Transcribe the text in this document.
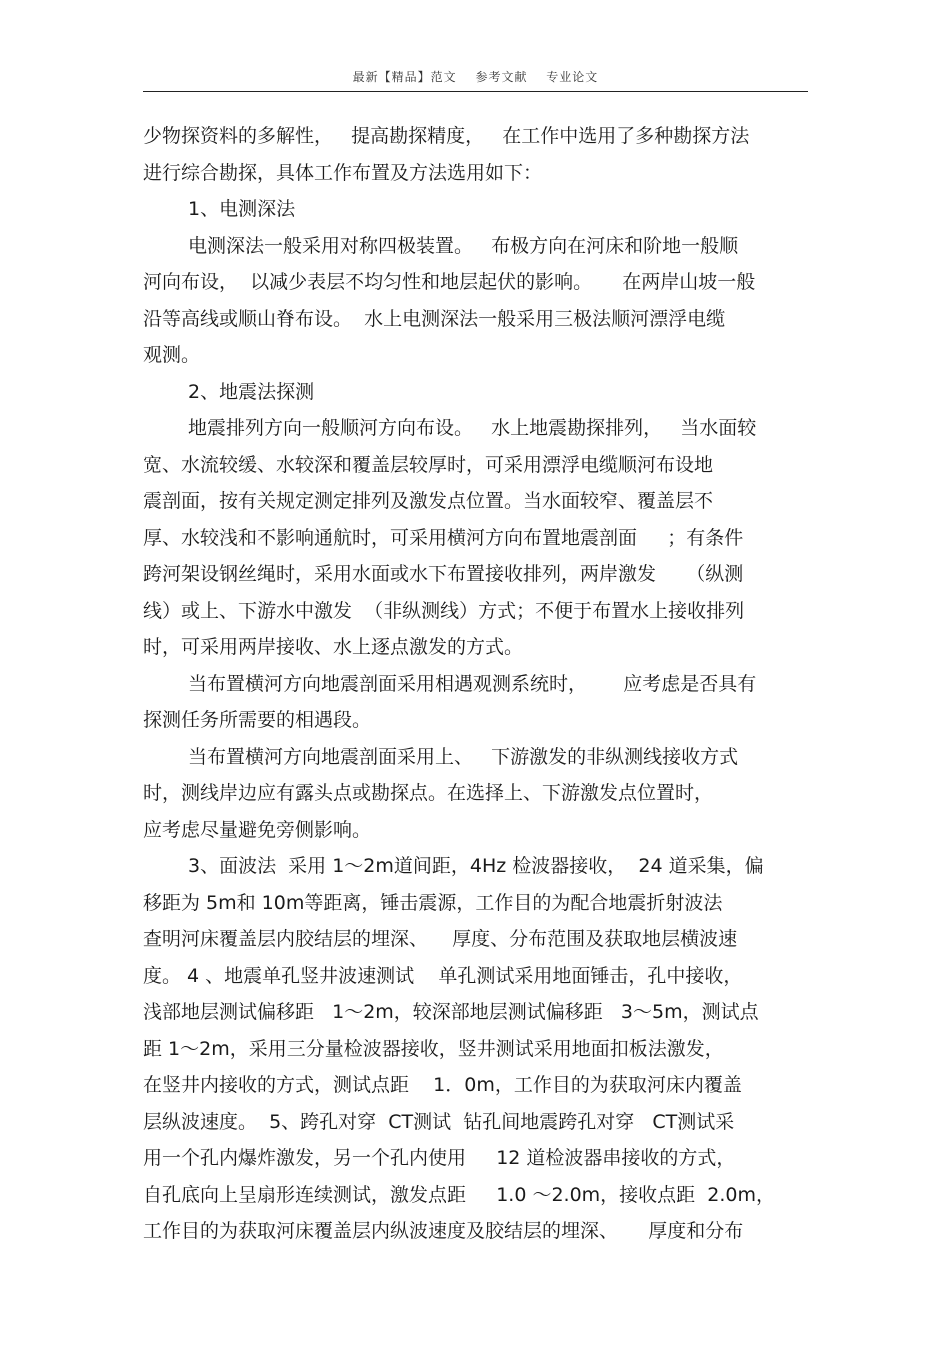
最新【精品】范文 参考文献 专业论文
少物探资料的多解性，   提高勘探精度，   在工作中选用了多种勘探方法
进行综合勘探，具体工作布置及方法选用如下：
1、电测深法
电测深法一般采用对称四极装置。   布极方向在河床和阶地一般顺
河向布设，  以减少表层不均匀性和地层起伏的影响。     在两岸山坡一般
沿等高线或顺山脊布设。  水上电测深法一般采用三极法顺河漂浮电缆
观测。
2、地震法探测
地震排列方向一般顺河方向布设。   水上地震勘探排列，   当水面较
宽、水流较缓、水较深和覆盖层较厚时，可采用漂浮电缆顺河布设地
震剖面，按有关规定测定排列及激发点位置。当水面较窄、覆盖层不
厚、水较浅和不影响通航时，可采用横河方向布置地震剖面     ；有条件
跨河架设钢丝绳时，采用水面或水下布置接收排列，两岸激发     （纵测
线）或上、下游水中激发  （非纵测线）方式；不便于布置水上接收排列
时，可采用两岸接收、水上逐点激发的方式。
当布置横河方向地震剖面采用相遇观测系统时，      应考虑是否具有
探测任务所需要的相遇段。
当布置横河方向地震剖面采用上、   下游激发的非纵测线接收方式
时，测线岸边应有露头点或勘探点。在选择上、下游激发点位置时，
应考虑尽量避免旁侧影响。
3、面波法  采用 1～2m道间距，4Hz 检波器接收，  24 道采集，偏
移距为 5m和 10m等距离，锤击震源，工作目的为配合地震折射波法
查明河床覆盖层内胶结层的埋深、    厚度、分布范围及获取地层横波速
度。 4 、地震单孔竖井波速测试    单孔测试采用地面锤击，孔中接收，
浅部地层测试偏移距   1～2m，较深部地层测试偏移距   3～5m，测试点
距 1～2m，采用三分量检波器接收，竖井测试采用地面扣板法激发，
在竖井内接收的方式，测试点距    1．0m，工作目的为获取河床内覆盖
层纵波速度。  5、跨孔对穿  CT测试  钻孔间地震跨孔对穿   CT测试采
用一个孔内爆炸激发，另一个孔内使用     12 道检波器串接收的方式，
自孔底向上呈扇形连续测试，激发点距     1.0 ～2.0m，接收点距  2.0m，
工作目的为获取河床覆盖层内纵波速度及胶结层的埋深、     厚度和分布
